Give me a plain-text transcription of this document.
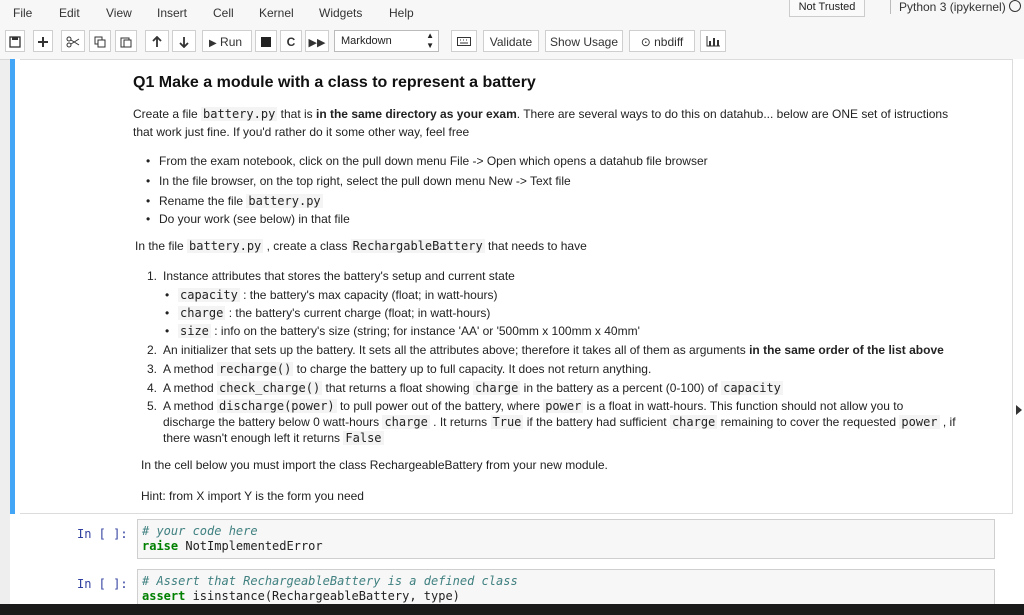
File Edit View Insert Cell Kernel Widgets Help	Not Trusted	Python 3 (ipykernel)
▶ Run	C	▶▶	Markdown	▲
▼	Validate	Show Usage	⊙ nbdiff
Q1 Make a module with a class to represent a battery

Create a file battery.py that is in the same directory as your exam. There are several ways to do this on datahub... below are ONE set of istructions

that work just fine. If you'd rather do it some other way, feel free

• From the exam notebook, click on the pull down menu File -> Open which opens a datahub file browser
• In the file browser, on the top right, select the pull down menu New -> Text file
• Rename the file battery.py
• Do your work (see below) in that file

In the file battery.py , create a class RechargableBattery that needs to have

1. Instance attributes that stores the battery's setup and current state
• capacity : the battery's max capacity (float; in watt-hours)
• charge : the battery's current charge (float; in watt-hours)
• size : info on the battery's size (string; for instance 'AA' or '500mm x 100mm x 40mm'
2. An initializer that sets up the battery. It sets all the attributes above; therefore it takes all of them as arguments in the same order of the list above
3. A method recharge() to charge the battery up to full capacity. It does not return anything.
4. A method check_charge() that returns a float showing charge in the battery as a percent (0-100) of capacity
5. A method discharge(power) to pull power out of the battery, where power is a float in watt-hours. This function should not allow you to
discharge the battery below 0 watt-hours charge . It returns True if the battery had sufficient charge remaining to cover the requested power , if
there wasn't enough left it returns False

In the cell below you must import the class RechargeableBattery from your new module.

Hint: from X import Y is the form you need

In [ ]: # your code here
raise NotImplementedError
In [ ]: # Assert that RechargeableBattery is a defined class
assert isinstance(RechargeableBattery, type)
